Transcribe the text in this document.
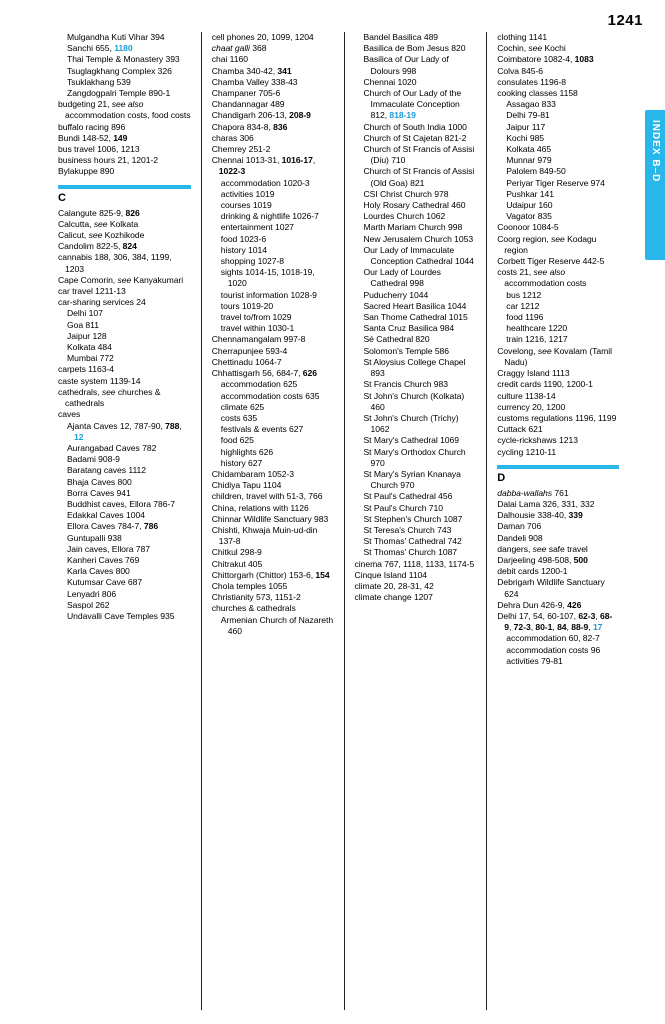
1241
INDEX B–D
Mulgandha Kuti Vihar 394
Sanchi 655, 1180
Thai Temple & Monastery 393
Tsuglagkhang Complex 326
Tsuklakhang 539
Zangdogpalri Temple 890-1
budgeting 21, see also accommodation costs, food costs
buffalo racing 896
Bundi 148-52, 149
bus travel 1006, 1213
business hours 21, 1201-2
Bylakuppe 890
C
Calangute 825-9, 826
Calcutta, see Kolkata
Calicut, see Kozhikode
Candolim 822-5, 824
cannabis 188, 306, 384, 1199, 1203
Cape Comorin, see Kanyakumari
car travel 1211-13
car-sharing services 24
Delhi 107
Goa 811
Jaipur 128
Kolkata 484
Mumbai 772
carpets 1163-4
caste system 1139-14
cathedrals, see churches & cathedrals
caves
Ajanta Caves 12, 787-90, 788, 12
Aurangabad Caves 782
Badami 908-9
Baratang caves 1112
Bhaja Caves 800
Borra Caves 941
Buddhist caves, Ellora 786-7
Edakkal Caves 1004
Ellora Caves 784-7, 786
Guntupalli 938
Jain caves, Ellora 787
Kanheri Caves 769
Karla Caves 800
Kutumsar Cave 687
Lenyadri 806
Saspol 262
Undavalli Cave Temples 935
cell phones 20, 1099, 1204
chaat galli 368
chai 1160
Chamba 340-42, 341
Chamba Valley 338-43
Champaner 705-6
Chandannagar 489
Chandigarh 206-13, 208-9
Chapora 834-8, 836
charas 306
Chemrey 251-2
Chennai 1013-31, 1016-17, 1022-3
accommodation 1020-3
activities 1019
courses 1019
drinking & nightlife 1026-7
entertainment 1027
food 1023-6
history 1014
shopping 1027-8
sights 1014-15, 1018-19, 1020
tourist information 1028-9
tours 1019-20
travel to/from 1029
travel within 1030-1
Chennamangalam 997-8
Cherrapunjee 593-4
Chettinadu 1064-7
Chhattisgarh 56, 684-7, 626
accommodation 625
accommodation costs 635
climate 625
costs 635
festivals & events 627
food 625
highlights 626
history 627
Chidambaram 1052-3
Chidiya Tapu 1104
children, travel with 51-3, 766
China, relations with 1126
Chinnar Wildlife Sanctuary 983
Chishti, Khwaja Muin-ud-din 137-8
Chitkul 298-9
Chitrakut 405
Chittorgarh (Chittor) 153-6, 154
Chola temples 1055
Christianity 573, 1151-2
churches & cathedrals
Armenian Church of Nazareth 460
Bandel Basilica 489
Basilica de Bom Jesus 820
Basilica of Our Lady of Dolours 998
Chennai 1020
Church of Our Lady of the Immaculate Conception 812, 818-19
Church of South India 1000
Church of St Cajetan 821-2
Church of St Francis of Assisi (Diu) 710
Church of St Francis of Assisi (Old Goa) 821
CSI Christ Church 978
Holy Rosary Cathedral 460
Lourdes Church 1062
Marth Mariam Church 998
New Jerusalem Church 1053
Our Lady of Immaculate Conception Cathedral 1044
Our Lady of Lourdes Cathedral 998
Puducherry 1044
Sacred Heart Basilica 1044
San Thome Cathedral 1015
Santa Cruz Basilica 984
Sé Cathedral 820
Solomon's Temple 586
St Aloysius College Chapel 893
St Francis Church 983
St John's Church (Kolkata) 460
St John's Church (Trichy) 1062
St Mary's Cathedral 1069
St Mary's Orthodox Church 970
St Mary's Syrian Knanaya Church 970
St Paul's Cathedral 456
St Paul's Church 710
St Stephen's Church 1087
St Teresa's Church 743
St Thomas' Cathedral 742
St Thomas' Church 1087
cinema 767, 1118, 1133, 1174-5
Cinque Island 1104
climate 20, 28-31, 42
climate change 1207
clothing 1141
Cochin, see Kochi
Coimbatore 1082-4, 1083
Colva 845-6
consulates 1196-8
cooking classes 1158
Assagao 833
Delhi 79-81
Jaipur 117
Kochi 985
Kolkata 465
Munnar 979
Palolem 849-50
Periyar Tiger Reserve 974
Pushkar 141
Udaipur 160
Vagator 835
Coonoor 1084-5
Coorg region, see Kodagu region
Corbett Tiger Reserve 442-5
costs 21, see also accommodation costs
bus 1212
car 1212
food 1196
healthcare 1220
train 1216, 1217
Covelong, see Kovalam (Tamil Nadu)
Craggy Island 1113
credit cards 1190, 1200-1
culture 1138-14
currency 20, 1200
customs regulations 1196, 1199
Cuttack 621
cycle-rickshaws 1213
cycling 1210-11
D
dabba-wallahs 761
Dalai Lama 326, 331, 332
Dalhousie 338-40, 339
Daman 706
Dandeli 908
dangers, see safe travel
Darjeeling 498-508, 500
debit cards 1200-1
Debrigarh Wildlife Sanctuary 624
Dehra Dun 426-9, 426
Delhi 17, 54, 60-107, 62-3, 68-9, 72-3, 80-1, 84, 88-9, 17
accommodation 60, 82-7
accommodation costs 96
activities 79-81
